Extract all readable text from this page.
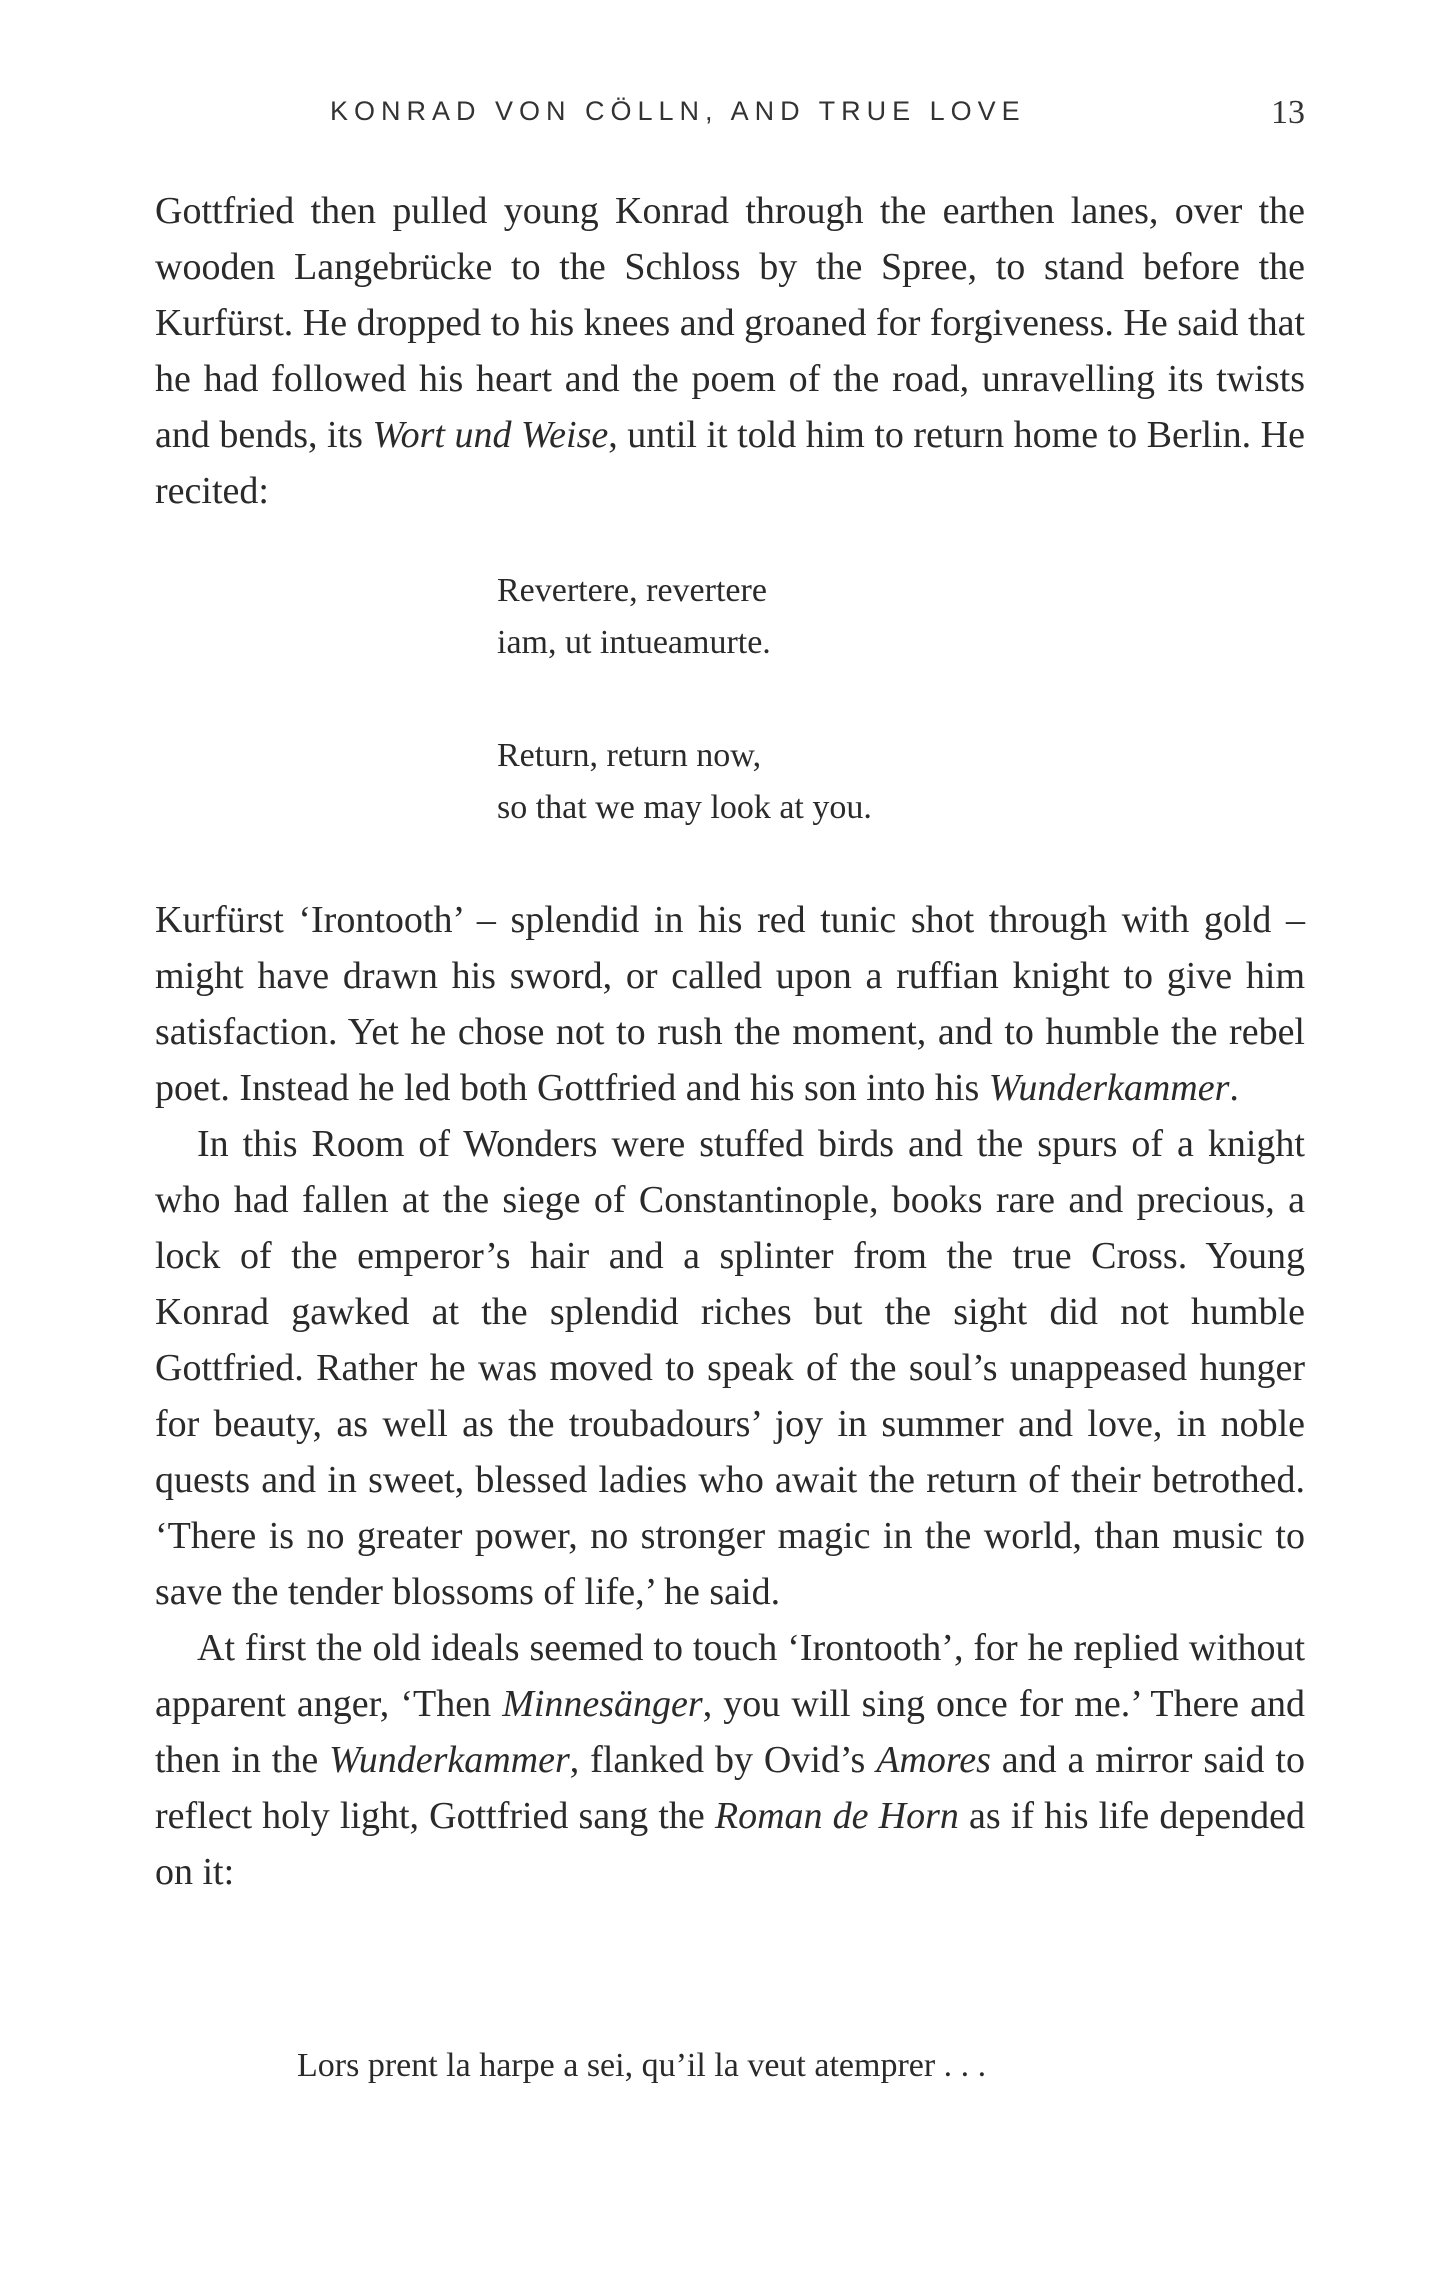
KONRAD VON CÖLLN, AND TRUE LOVE	13

Gottfried then pulled young Konrad through the earthen lanes, over the wooden Langebrücke to the Schloss by the Spree, to stand before the Kurfürst. He dropped to his knees and groaned for forgiveness. He said that he had followed his heart and the poem of the road, unravelling its twists and bends, its Wort und Weise, until it told him to return home to Berlin. He recited:

Revertere, revertere
iam, ut intueamurte.
Return, return now,
so that we may look at you.

Kurfürst ‘Irontooth’ – splendid in his red tunic shot through with gold – might have drawn his sword, or called upon a ruffian knight to give him satisfaction. Yet he chose not to rush the moment, and to humble the rebel poet. Instead he led both Gottfried and his son into his Wunderkammer.

In this Room of Wonders were stuffed birds and the spurs of a knight who had fallen at the siege of Constantinople, books rare and precious, a lock of the emperor’s hair and a splinter from the true Cross. Young Konrad gawked at the splendid riches but the sight did not humble Gottfried. Rather he was moved to speak of the soul’s unappeased hunger for beauty, as well as the troubadours’ joy in summer and love, in noble quests and in sweet, blessed ladies who await the return of their betrothed. ‘There is no greater power, no stronger magic in the world, than music to save the tender blossoms of life,’ he said.

At first the old ideals seemed to touch ‘Irontooth’, for he replied without apparent anger, ‘Then Minnesänger, you will sing once for me.’ There and then in the Wunderkammer, flanked by Ovid’s Amores and a mirror said to reflect holy light, Gottfried sang the Roman de Horn as if his life depended on it:

Lors prent la harpe a sei, qu’il la veut atemprer . . .
